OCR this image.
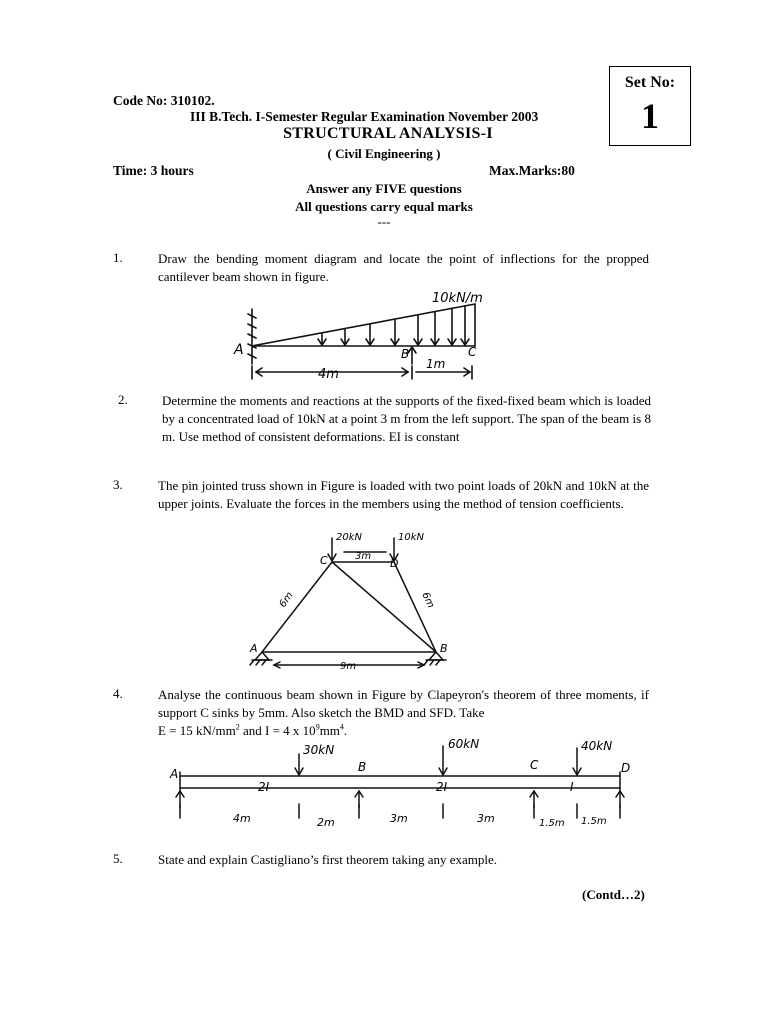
Set No:
1
Code No: 310102.
III B.Tech. I-Semester Regular Examination November 2003
STRUCTURAL ANALYSIS-I
( Civil Engineering )
Time: 3 hours	Max.Marks:80
Answer any FIVE questions
All questions carry equal marks
---
1.	Draw the bending moment diagram and locate the point of inflections for the propped cantilever beam shown in figure.
A	B	C
10kN/m
4m
1m
2.	Determine the moments and reactions at the supports of the fixed-fixed beam which is loaded by a concentrated load of 10kN at a point 3 m from the left support. The span of the beam is 8 m. Use method of consistent deformations. EI is constant
3.	The pin jointed truss shown in Figure is loaded with two point loads of 20kN and 10kN at the upper joints. Evaluate the forces in the members using the method of tension coefficients.
20kN	10kN
C	D
A	B
3m
6m	6m
9m
4.	Analyse the continuous beam shown in Figure by Clapeyron's theorem of three moments, if support C sinks by 5mm. Also sketch the BMD and SFD. Take
E = 15 $kN/mm^2$ and I = 4 x $10^9mm^4$.
A	B	C	D
30kN	60kN	40kN
2I	2I	I
4m	2m	3m	3m	1.5m 1.5m
5.	State and explain Castigliano’s first theorem taking any example.
(Contd…2)
